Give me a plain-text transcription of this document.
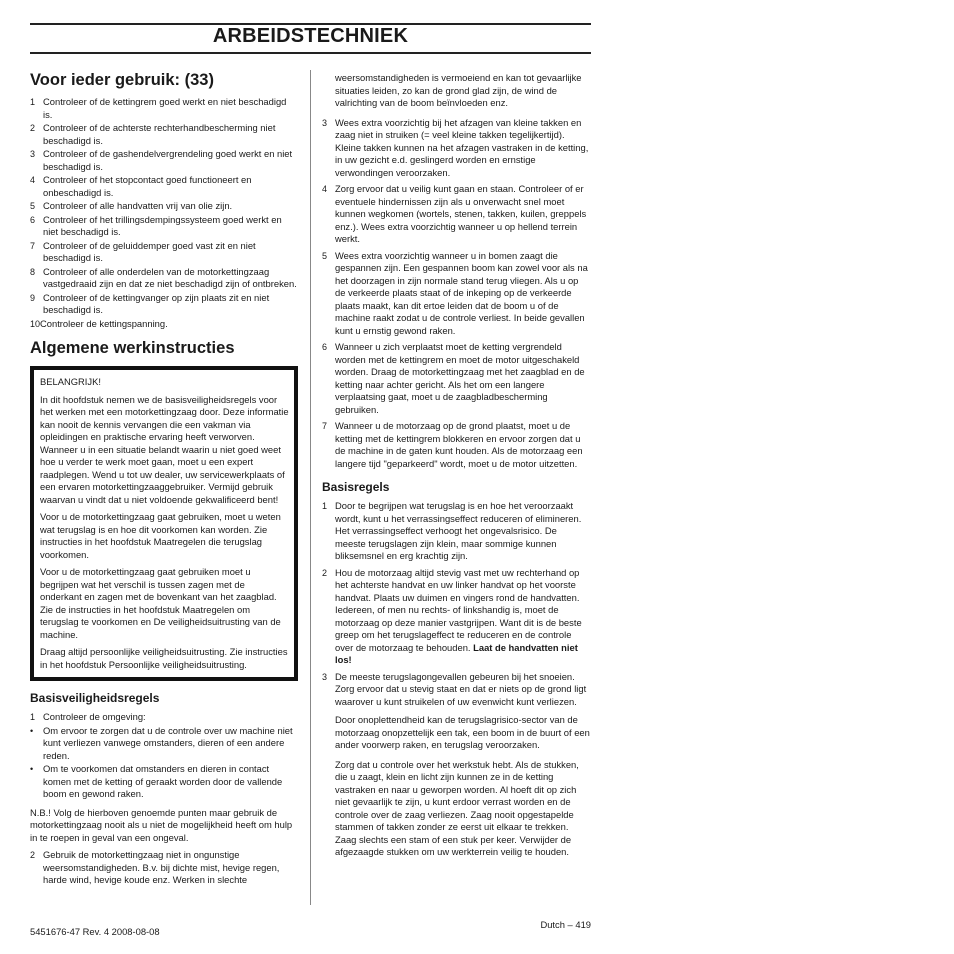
ARBEIDSTECHNIEK
Voor ieder gebruik: (33)
1 Controleer of de kettingrem goed werkt en niet beschadigd is.
2 Controleer of de achterste rechterhandbescherming niet beschadigd is.
3 Controleer of de gashendelvergrendeling goed werkt en niet beschadigd is.
4 Controleer of het stopcontact goed functioneert en onbeschadigd is.
5 Controleer of alle handvatten vrij van olie zijn.
6 Controleer of het trillingsdempingssysteem goed werkt en niet beschadigd is.
7 Controleer of de geluiddemper goed vast zit en niet beschadigd is.
8 Controleer of alle onderdelen van de motorkettingzaag vastgedraaid zijn en dat ze niet beschadigd zijn of ontbreken.
9 Controleer of de kettingvanger op zijn plaats zit en niet beschadigd is.
10 Controleer de kettingspanning.
Algemene werkinstructies

BELANGRIJK!

In dit hoofdstuk nemen we de basisveiligheidsregels voor het werken met een motorkettingzaag door. Deze informatie kan nooit de kennis vervangen die een vakman via opleidingen en praktische ervaring heeft verworven. Wanneer u in een situatie belandt waarin u niet goed weet hoe u verder te werk moet gaan, moet u een expert raadplegen. Wend u tot uw dealer, uw servicewerkplaats of een ervaren motorkettingzaaggebruiker. Vermijd gebruik waarvan u vindt dat u niet voldoende gekwalificeerd bent!

Voor u de motorkettingzaag gaat gebruiken, moet u weten wat terugslag is en hoe dit voorkomen kan worden. Zie instructies in het hoofdstuk Maatregelen die terugslag voorkomen.

Voor u de motorkettingzaag gaat gebruiken moet u begrijpen wat het verschil is tussen zagen met de onderkant en zagen met de bovenkant van het zaagblad. Zie de instructies in het hoofdstuk Maatregelen om terugslag te voorkomen en De veiligheidsuitrusting van de machine.

Draag altijd persoonlijke veiligheidsuitrusting. Zie instructies in het hoofdstuk Persoonlijke veiligheidsuitrusting.

Basisveiligheidsregels
1 Controleer de omgeving:
•	Om ervoor te zorgen dat u de controle over uw machine niet kunt verliezen vanwege omstanders, dieren of een andere reden.
•	Om te voorkomen dat omstanders en dieren in contact komen met de ketting of geraakt worden door de vallende boom en gewond raken.

N.B.! Volg de hierboven genoemde punten maar gebruik de motorkettingzaag nooit als u niet de mogelijkheid heeft om hulp in te roepen in geval van een ongeval.

2 Gebruik de motorkettingzaag niet in ongunstige weersomstandigheden. B.v. bij dichte mist, hevige regen, harde wind, hevige koude enz. Werken in slechte

weersomstandigheden is vermoeiend en kan tot gevaarlijke situaties leiden, zo kan de grond glad zijn, de wind de valrichting van de boom beïnvloeden enz.

3 Wees extra voorzichtig bij het afzagen van kleine takken en zaag niet in struiken (= veel kleine takken tegelijkertijd). Kleine takken kunnen na het afzagen vastraken in de ketting, in uw gezicht e.d. geslingerd worden en ernstige verwondingen veroorzaken.
4 Zorg ervoor dat u veilig kunt gaan en staan. Controleer of er eventuele hindernissen zijn als u onverwacht snel moet kunnen wegkomen (wortels, stenen, takken, kuilen, greppels enz.). Wees extra voorzichtig wanneer u op hellend terrein werkt.
5 Wees extra voorzichtig wanneer u in bomen zaagt die gespannen zijn. Een gespannen boom kan zowel voor als na het doorzagen in zijn normale stand terug vliegen. Als u op de verkeerde plaats staat of de inkeping op de verkeerde plaats maakt, kan dit ertoe leiden dat de boom u of de machine raakt zodat u de controle verliest. In beide gevallen kunt u ernstig gewond raken.
6 Wanneer u zich verplaatst moet de ketting vergrendeld worden met de kettingrem en moet de motor uitgeschakeld worden. Draag de motorkettingzaag met het zaagblad en de ketting naar achter gericht. Als het om een langere verplaatsing gaat, moet u de zaagbladbescherming gebruiken.
7 Wanneer u de motorzaag op de grond plaatst, moet u de ketting met de kettingrem blokkeren en ervoor zorgen dat u de machine in de gaten kunt houden. Als de motorzaag een langere tijd "geparkeerd" wordt, moet u de motor uitzetten.
Basisregels
1 Door te begrijpen wat terugslag is en hoe het veroorzaakt wordt, kunt u het verrassingseffect reduceren of elimineren. Het verrassingseffect verhoogt het ongevalsrisico. De meeste terugslagen zijn klein, maar sommige kunnen bliksemsnel en erg krachtig zijn.
2 Hou de motorzaag altijd stevig vast met uw rechterhand op het achterste handvat en uw linker handvat op het voorste handvat. Plaats uw duimen en vingers rond de handvatten. Iedereen, of men nu rechts- of linkshandig is, moet de motorzaag op deze manier vastgrijpen. Want dit is de beste greep om het terugslageffect te reduceren en de controle over de motorzaag te behouden. Laat de handvatten niet los!
3 De meeste terugslagongevallen gebeuren bij het snoeien. Zorg ervoor dat u stevig staat en dat er niets op de grond ligt waarover u kunt struikelen of uw evenwicht kunt verliezen.

Door onoplettendheid kan de terugslagrisico-sector van de motorzaag onopzettelijk een tak, een boom in de buurt of een ander voorwerp raken, en terugslag veroorzaken.

Zorg dat u controle over het werkstuk hebt. Als de stukken, die u zaagt, klein en licht zijn kunnen ze in de ketting vastraken en naar u geworpen worden. Al hoeft dit op zich niet gevaarlijk te zijn, u kunt erdoor verrast worden en de controle over de zaag verliezen. Zaag nooit opgestapelde stammen of takken zonder ze eerst uit elkaar te trekken. Zaag slechts een stam of een stuk per keer. Verwijder de afgezaagde stukken om uw werkterrein veilig te houden.

5451676-47 Rev. 4 2008-08-08
Dutch – 419
